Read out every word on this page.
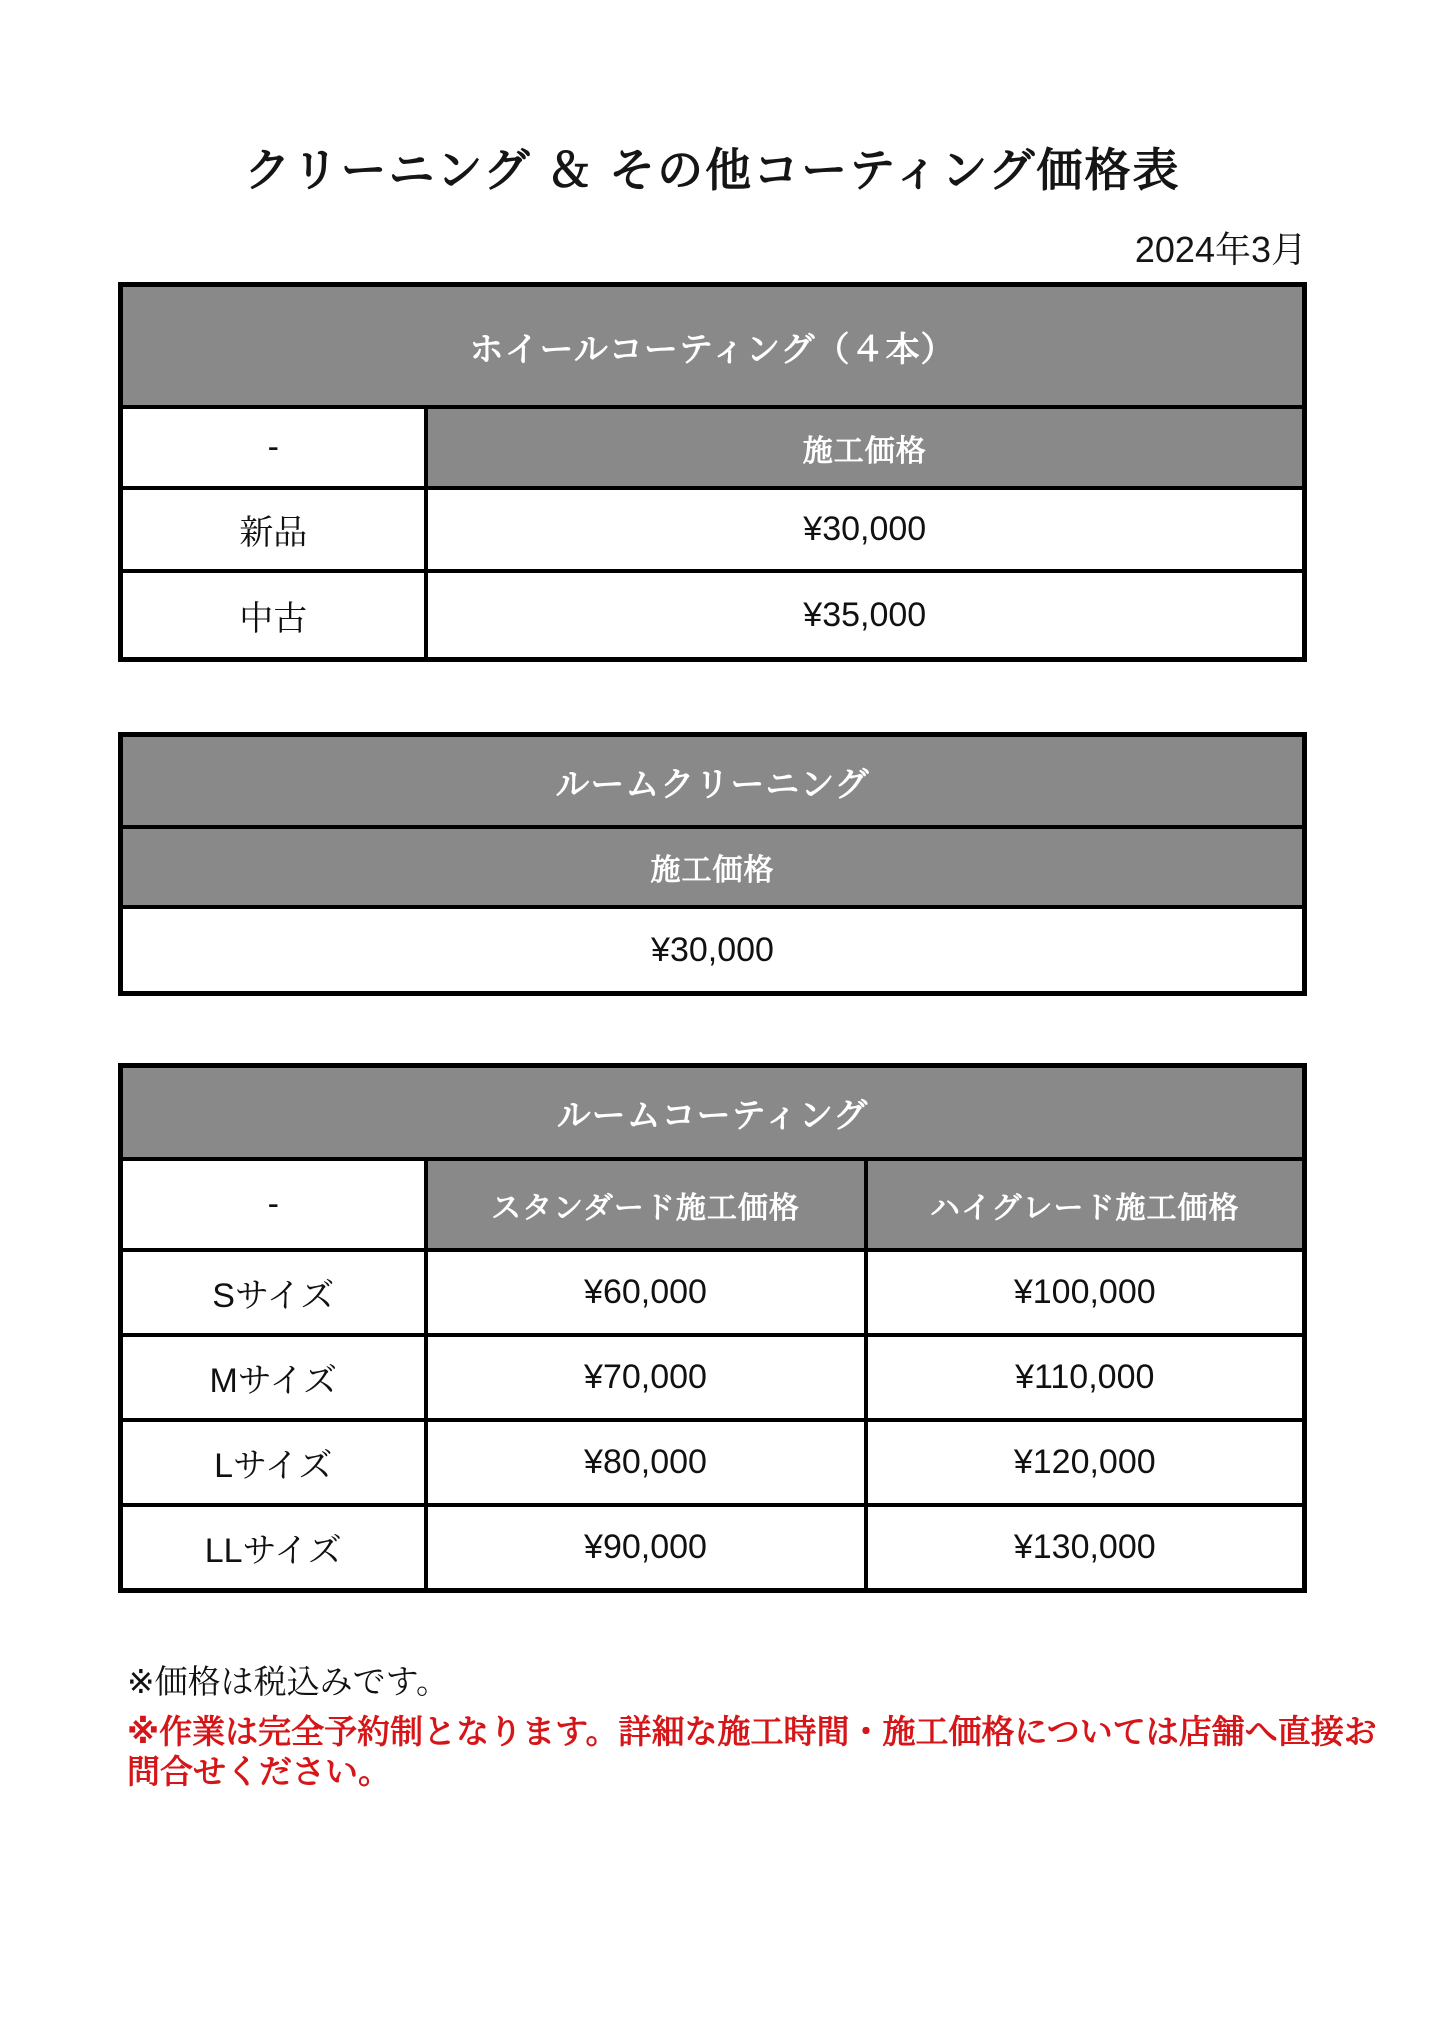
クリーニング ＆ その他コーティング価格表
2024年3月
ホイールコーティング（４本）	
-	施工価格
新品	¥30,000
中古	¥35,000
ルームクリーニング
施工価格
¥30,000
ルームコーティング		
-	スタンダード施工価格	ハイグレード施工価格
Sサイズ	¥60,000	¥100,000
Mサイズ	¥70,000	¥110,000
Lサイズ	¥80,000	¥120,000
LLサイズ	¥90,000	¥130,000
※価格は税込みです。
※作業は完全予約制となります。詳細な施工時間・施工価格については店舗へ直接お問合せください。
